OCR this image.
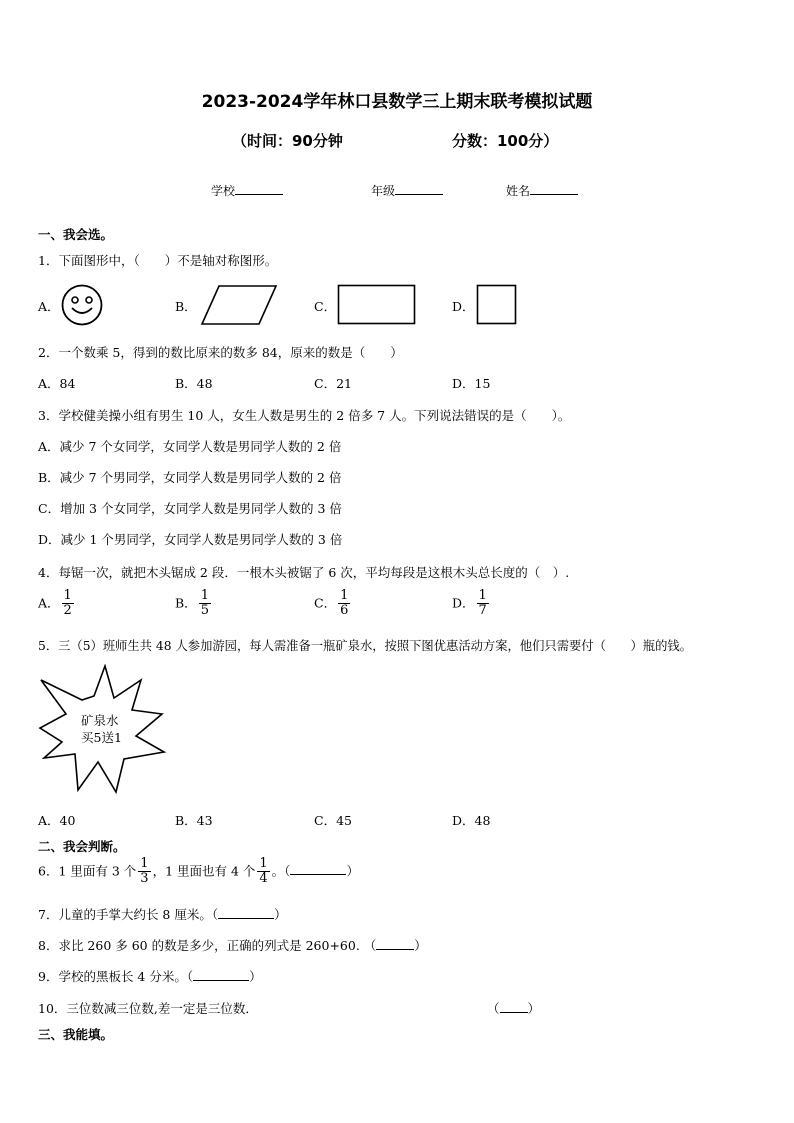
2023-2024学年林口县数学三上期末联考模拟试题
（时间：90分钟	分数：100分）
学校	年级	姓名
一、我会选。
1．下面图形中，（　　）不是轴对称图形。
A．	B．	C．	D．
2．一个数乘 5，得到的数比原来的数多 84，原来的数是（　　）
A．84	B．48	C．21	D．15
3．学校健美操小组有男生 10 人，女生人数是男生的 2 倍多 7 人。下列说法错误的是（　　）。
A．减少 7 个女同学，女同学人数是男同学人数的 2 倍
B．减少 7 个男同学，女同学人数是男同学人数的 2 倍
C．增加 3 个女同学，女同学人数是男同学人数的 3 倍
D．减少 1 个男同学，女同学人数是男同学人数的 3 倍
4．每锯一次，就把木头锯成 2 段．一根木头被锯了 6 次，平均每段是这根木头总长度的（　）.
A． $\frac{1}{2}$	B． $\frac{1}{5}$	C． $\frac{1}{6}$	D． $\frac{1}{7}$
5．三（5）班师生共 48 人参加游园，每人需准备一瓶矿泉水，按照下图优惠活动方案，他们只需要付（　　）瓶的钱。
矿泉水
买5送1
A．40	B．43	C．45	D．48
二、我会判断。
6．1 里面有 3 个 $\frac{1}{3}$ ，1 里面也有 4 个 $\frac{1}{4}$ 。（	）
7．儿童的手掌大约长 8 厘米。（	）
8．求比 260 多 60 的数是多少，正确的列式是 260+60. （	）
9．学校的黑板长 4 分米。（	）
10．三位数减三位数,差一定是三位数．	（ ）
三、我能填。
